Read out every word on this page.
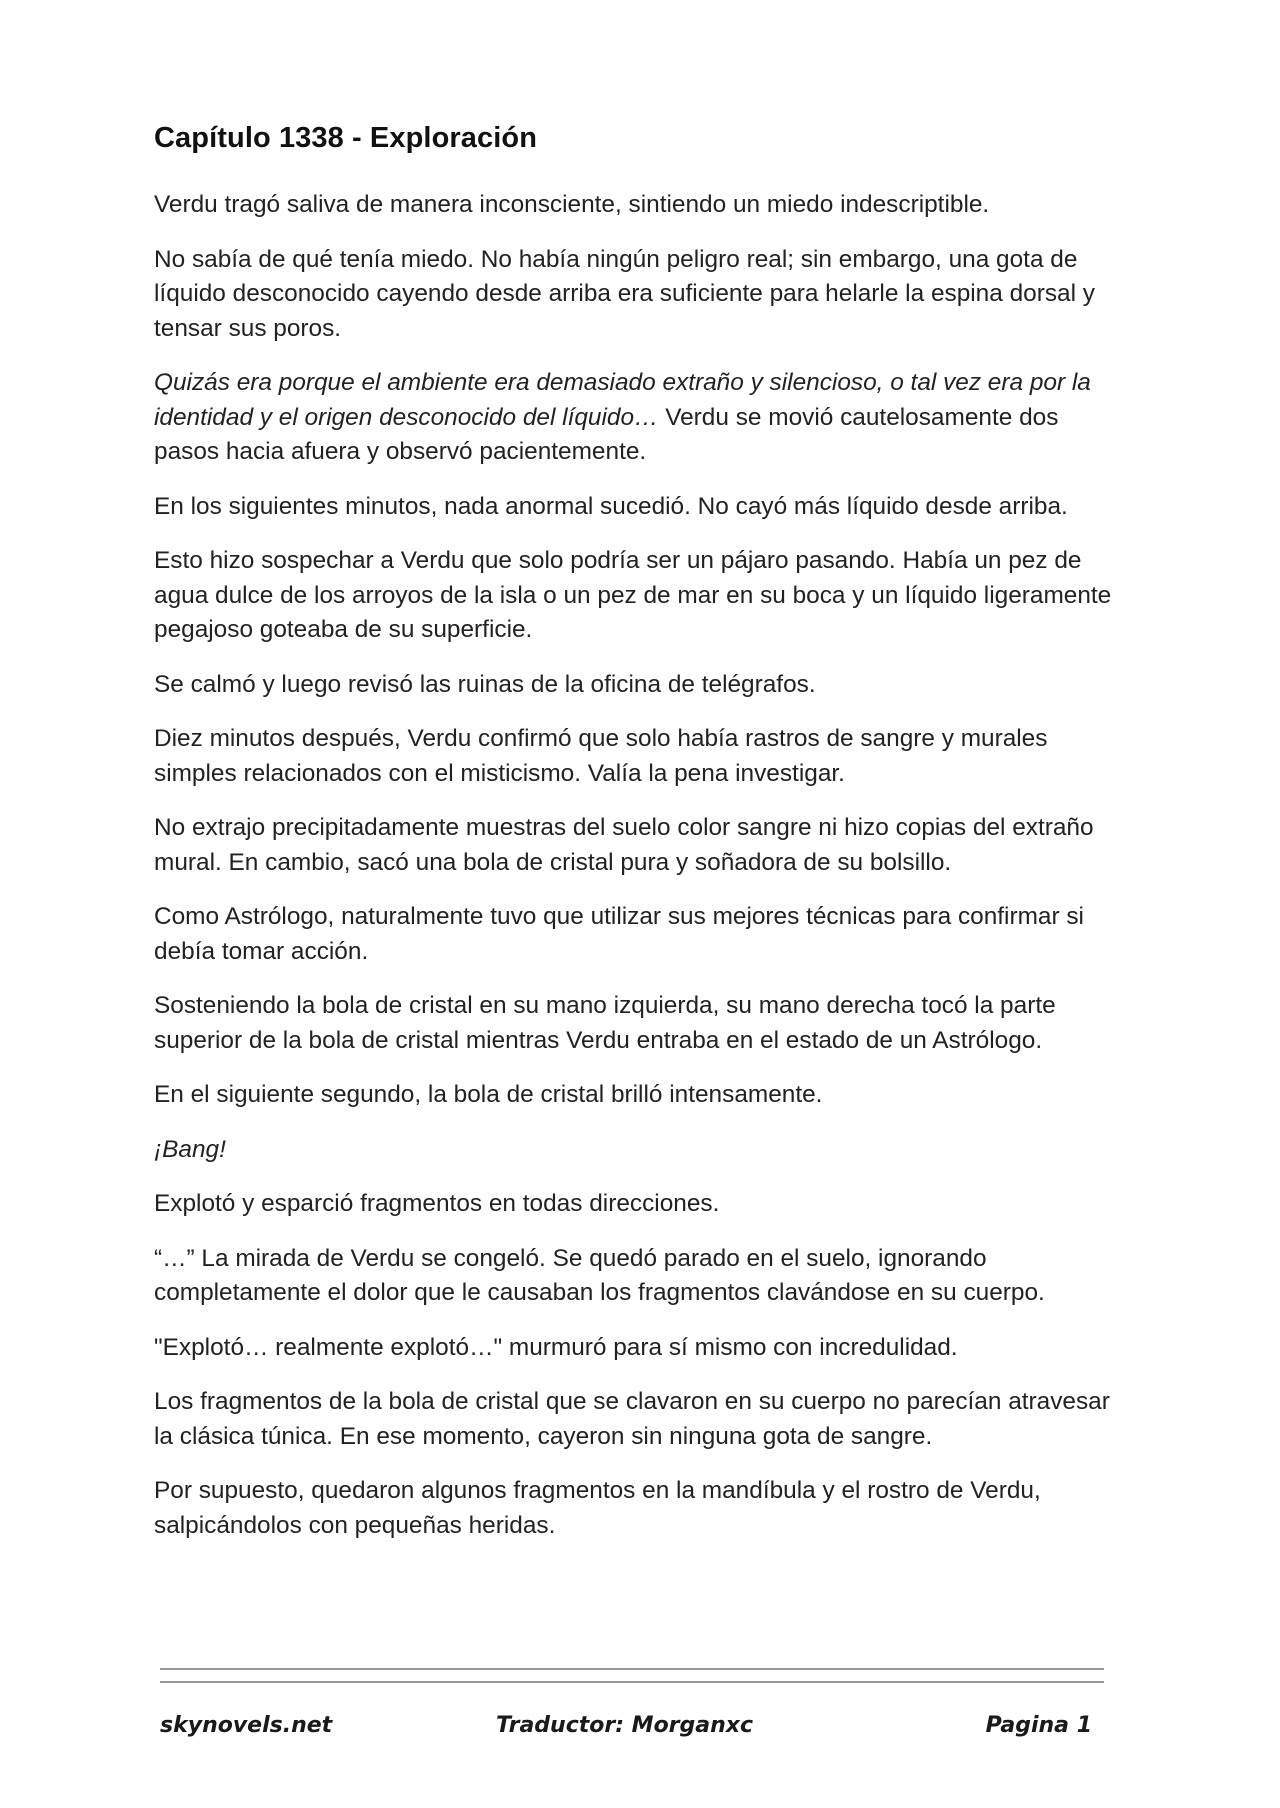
Capítulo 1338 - Exploración

Verdu tragó saliva de manera inconsciente, sintiendo un miedo indescriptible.

No sabía de qué tenía miedo. No había ningún peligro real; sin embargo, una gota de líquido desconocido cayendo desde arriba era suficiente para helarle la espina dorsal y tensar sus poros.

Quizás era porque el ambiente era demasiado extraño y silencioso, o tal vez era por la identidad y el origen desconocido del líquido… Verdu se movió cautelosamente dos pasos hacia afuera y observó pacientemente.

En los siguientes minutos, nada anormal sucedió. No cayó más líquido desde arriba.

Esto hizo sospechar a Verdu que solo podría ser un pájaro pasando. Había un pez de agua dulce de los arroyos de la isla o un pez de mar en su boca y un líquido ligeramente pegajoso goteaba de su superficie.

Se calmó y luego revisó las ruinas de la oficina de telégrafos.

Diez minutos después, Verdu confirmó que solo había rastros de sangre y murales simples relacionados con el misticismo. Valía la pena investigar.

No extrajo precipitadamente muestras del suelo color sangre ni hizo copias del extraño mural. En cambio, sacó una bola de cristal pura y soñadora de su bolsillo.

Como Astrólogo, naturalmente tuvo que utilizar sus mejores técnicas para confirmar si debía tomar acción.

Sosteniendo la bola de cristal en su mano izquierda, su mano derecha tocó la parte superior de la bola de cristal mientras Verdu entraba en el estado de un Astrólogo.

En el siguiente segundo, la bola de cristal brilló intensamente.

¡Bang!

Explotó y esparció fragmentos en todas direcciones.

“…” La mirada de Verdu se congeló. Se quedó parado en el suelo, ignorando completamente el dolor que le causaban los fragmentos clavándose en su cuerpo.

"Explotó… realmente explotó…" murmuró para sí mismo con incredulidad.

Los fragmentos de la bola de cristal que se clavaron en su cuerpo no parecían atravesar la clásica túnica. En ese momento, cayeron sin ninguna gota de sangre.

Por supuesto, quedaron algunos fragmentos en la mandíbula y el rostro de Verdu, salpicándolos con pequeñas heridas.

skynovels.net	Traductor: Morganxc	Pagina 1
